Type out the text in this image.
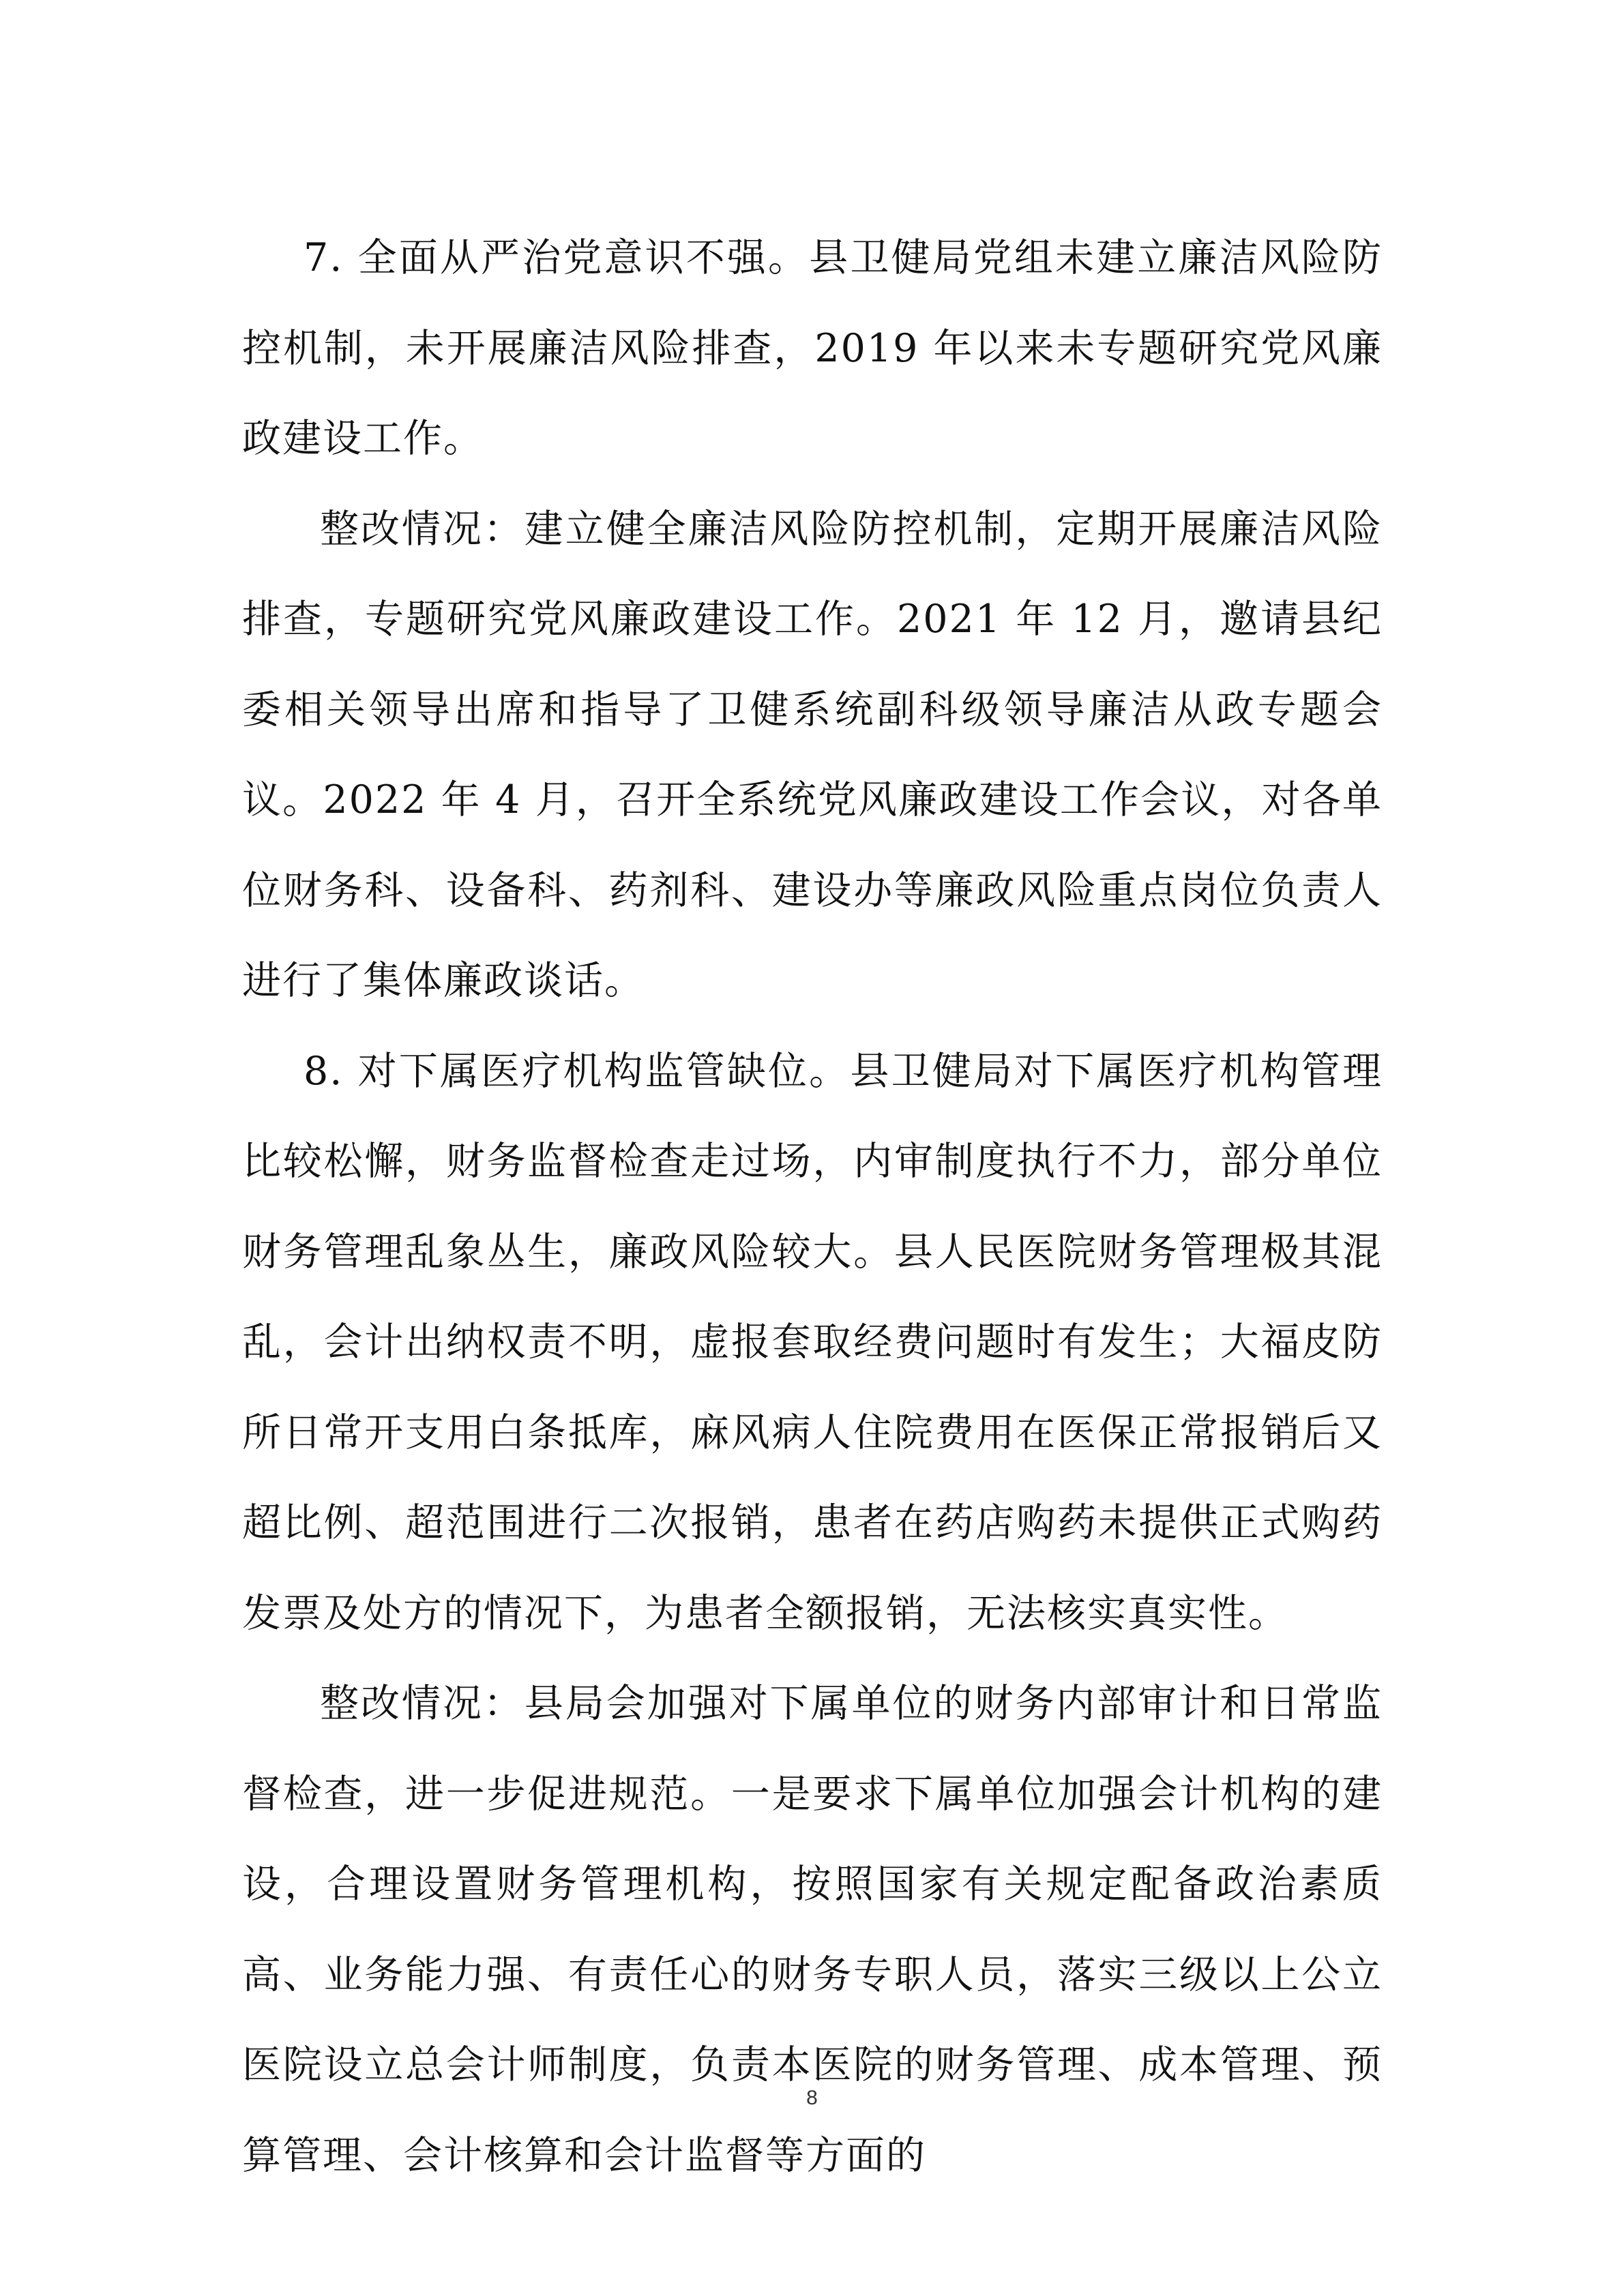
7. 全面从严治党意识不强。县卫健局党组未建立廉洁风险防控机制，未开展廉洁风险排查，2019 年以来未专题研究党风廉政建设工作。

整改情况：建立健全廉洁风险防控机制，定期开展廉洁风险排查，专题研究党风廉政建设工作。2021 年 12 月，邀请县纪委相关领导出席和指导了卫健系统副科级领导廉洁从政专题会议。2022 年 4 月，召开全系统党风廉政建设工作会议，对各单位财务科、设备科、药剂科、建设办等廉政风险重点岗位负责人进行了集体廉政谈话。

8. 对下属医疗机构监管缺位。县卫健局对下属医疗机构管理比较松懈，财务监督检查走过场，内审制度执行不力，部分单位财务管理乱象丛生，廉政风险较大。县人民医院财务管理极其混乱，会计出纳权责不明，虚报套取经费问题时有发生；大福皮防所日常开支用白条抵库，麻风病人住院费用在医保正常报销后又超比例、超范围进行二次报销，患者在药店购药未提供正式购药发票及处方的情况下，为患者全额报销，无法核实真实性。

整改情况：县局会加强对下属单位的财务内部审计和日常监督检查，进一步促进规范。一是要求下属单位加强会计机构的建设，合理设置财务管理机构，按照国家有关规定配备政治素质高、业务能力强、有责任心的财务专职人员，落实三级以上公立医院设立总会计师制度，负责本医院的财务管理、成本管理、预算管理、会计核算和会计监督等方面的

8
